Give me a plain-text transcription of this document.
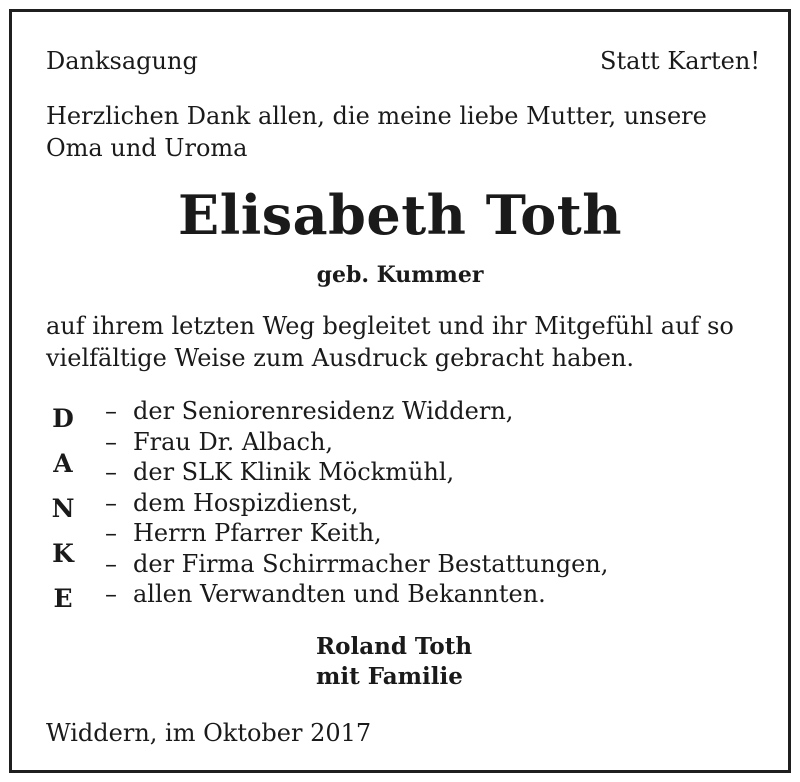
Danksagung	Statt Karten!
Herzlichen Dank allen, die meine liebe Mutter, unsere
Oma und Uroma
Elisabeth Toth
geb. Kummer
auf ihrem letzten Weg begleitet und ihr Mitgefühl auf so
vielfältige Weise zum Ausdruck gebracht haben.
D
A
N
K
E
– der Seniorenresidenz Widdern,
– Frau Dr. Albach,
– der SLK Klinik Möckmühl,
– dem Hospizdienst,
– Herrn Pfarrer Keith,
– der Firma Schirrmacher Bestattungen,
– allen Verwandten und Bekannten.
Roland Toth
mit Familie
Widdern, im Oktober 2017
